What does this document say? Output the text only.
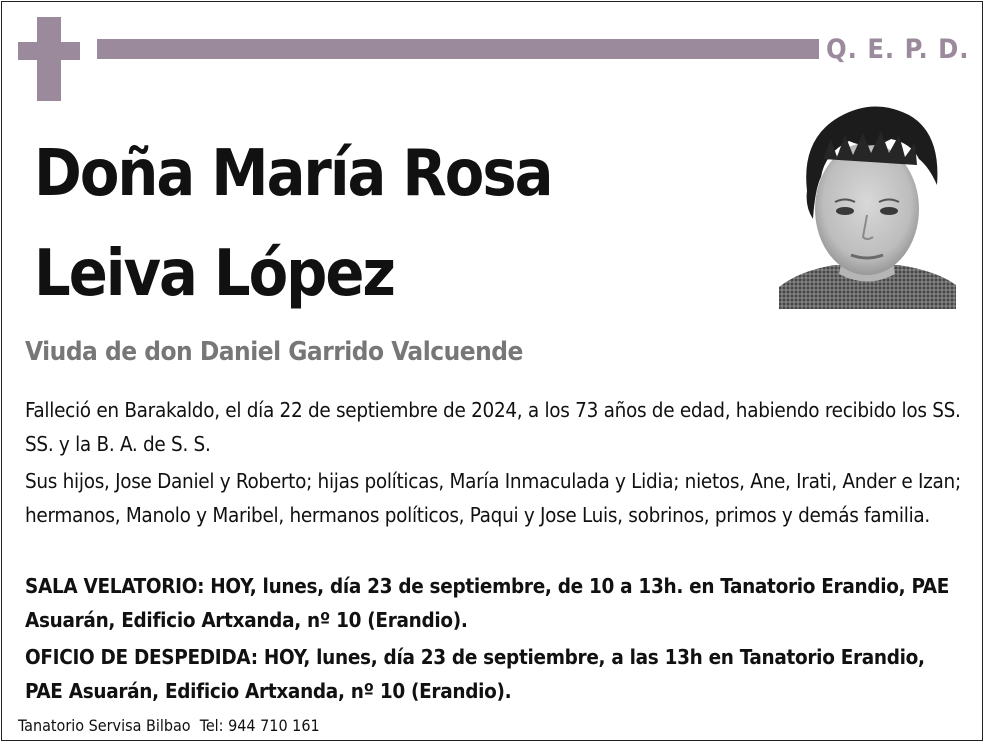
Q. E. P. D.
Doña María Rosa
Leiva López
Viuda de don Daniel Garrido Valcuende
Falleció en Barakaldo, el día 22 de septiembre de 2024, a los 73 años de edad, habiendo recibido los SS. SS. y la B. A. de S. S.
Sus hijos, Jose Daniel y Roberto; hijas políticas, María Inmaculada y Lidia; nietos, Ane, Irati, Ander e Izan; hermanos, Manolo y Maribel, hermanos políticos, Paqui y Jose Luis, sobrinos, primos y demás familia.
SALA VELATORIO: HOY, lunes, día 23 de septiembre, de 10 a 13h. en Tanatorio Erandio, PAE Asuarán, Edificio Artxanda, nº 10 (Erandio).
OFICIO DE DESPEDIDA: HOY, lunes, día 23 de septiembre, a las 13h en Tanatorio Erandio, PAE Asuarán, Edificio Artxanda, nº 10 (Erandio).
Tanatorio Servisa Bilbao  Tel: 944 710 161
